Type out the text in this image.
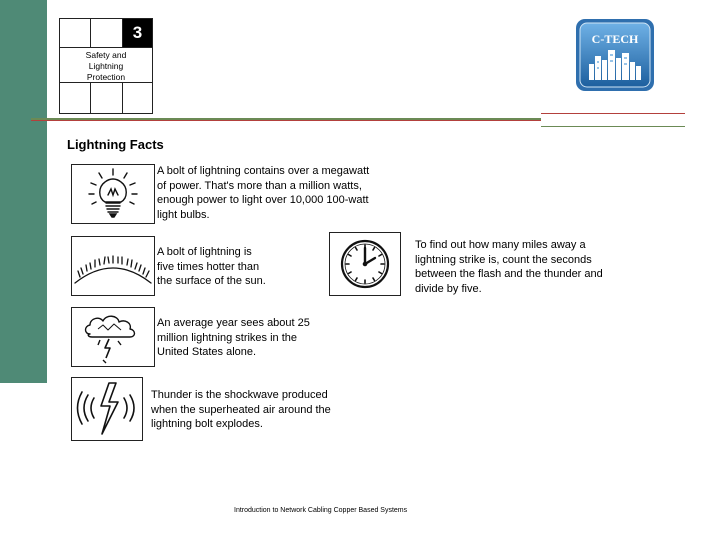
3
Safety and
Lightning
Protection
C-TECH
Lightning Facts
A bolt of lightning contains over a megawatt
of power. That's more than a million watts,
enough power to light over 10,000 100-watt
light bulbs.
A bolt of lightning is
five times hotter than
the surface of the sun.
To find out how many miles away a
lightning strike is, count the seconds
between the flash and the thunder and
divide by five.
An average year sees about 25
million lightning strikes in the
United States alone.
Thunder is the shockwave produced
when the superheated air around the
lightning bolt explodes.
Introduction to Network Cabling Copper Based Systems
